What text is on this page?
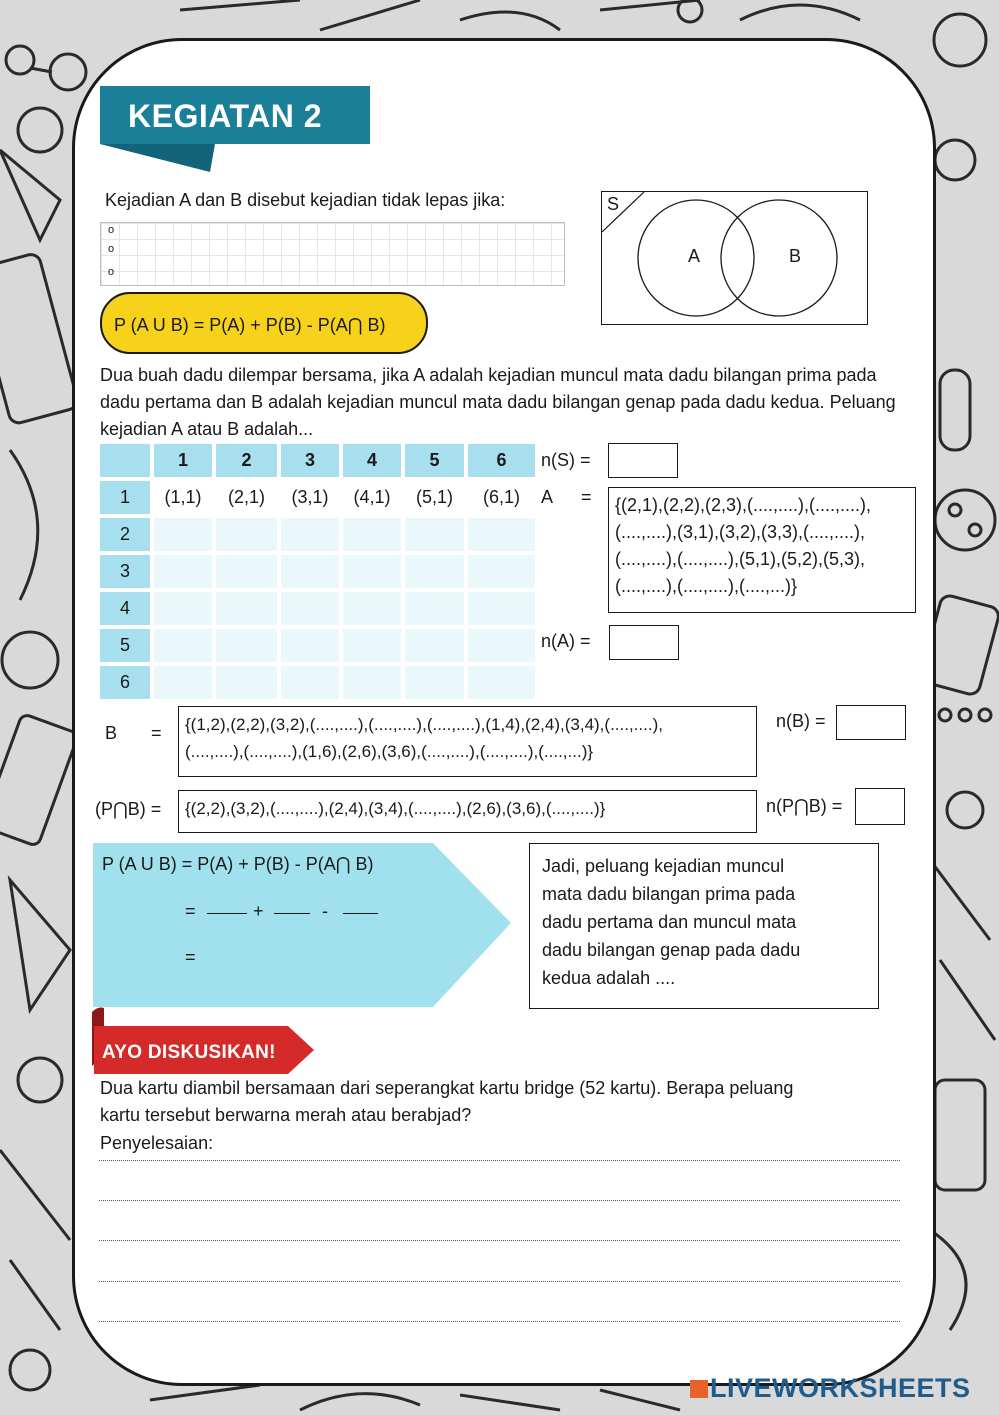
KEGIATAN 2
Kejadian A dan B disebut kejadian tidak lepas jika:
o
o
o
P (A U B) = P(A) + P(B) - P(A⋂ B)
S
A	B
Dua buah dadu dilempar bersama, jika A adalah kejadian muncul mata dadu bilangan prima pada dadu pertama dan B adalah kejadian muncul mata dadu bilangan genap pada dadu kedua. Peluang kejadian A atau B adalah...
	1	2	3	4	5	6
1	(1,1)	(2,1)	(3,1)	(4,1)	(5,1)	(6,1)
2						
3						
4						
5						
6						
n(S) =
A = {(2,1),(2,2),(2,3),(....,....),(....,....),
(....,....),(3,1),(3,2),(3,3),(....,....),
(....,....),(....,....),(5,1),(5,2),(5,3),
(....,....),(....,....),(....,...)}
n(A) =
B = {(1,2),(2,2),(3,2),(....,....),(....,....),(....,....),(1,4),(2,4),(3,4),(....,....),
(....,....),(....,....),(1,6),(2,6),(3,6),(....,....),(....,....),(....,...)}
n(B) =
(P⋂B) =	{(2,2),(3,2),(....,....),(2,4),(3,4),(....,....),(2,6),(3,6),(....,....)}	n(P⋂B) =
P (A U B) = P(A) + P(B) - P(A⋂ B)
=	+	-
=
Jadi, peluang kejadian muncul
mata dadu bilangan prima pada
dadu pertama dan muncul mata
dadu bilangan genap pada dadu
kedua adalah ....
AYO DISKUSIKAN!
Dua kartu diambil bersamaan dari seperangkat kartu bridge (52 kartu). Berapa peluang
kartu tersebut berwarna merah atau berabjad?
Penyelesaian:
LIVEWORKSHEETS
